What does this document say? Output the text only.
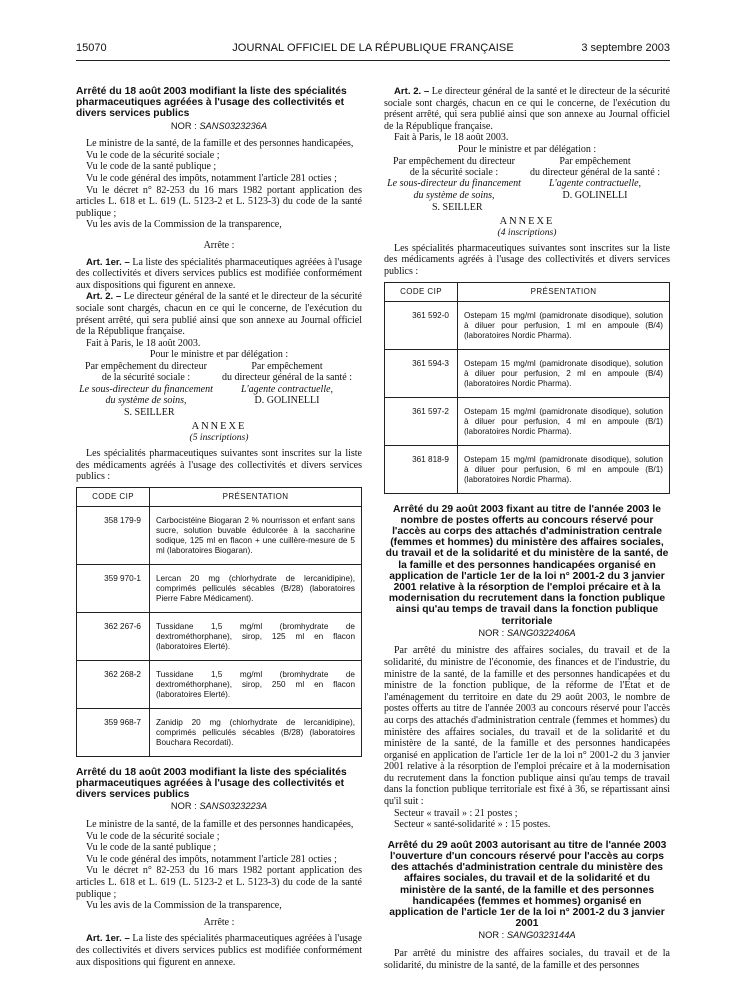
15070	JOURNAL OFFICIEL DE LA RÉPUBLIQUE FRANÇAISE	3 septembre 2003
Arrêté du 18 août 2003 modifiant la liste des spécialités pharmaceutiques agréées à l'usage des collectivités et divers services publics
NOR : SANS0323236A

Le ministre de la santé, de la famille et des personnes handicapées,

Vu le code de la sécurité sociale ;

Vu le code de la santé publique ;

Vu le code général des impôts, notamment l'article 281 octies ;

Vu le décret n° 82-253 du 16 mars 1982 portant application des articles L. 618 et L. 619 (L. 5123-2 et L. 5123-3) du code de la santé publique ;

Vu les avis de la Commission de la transparence,

Arrête :

Art. 1er. – La liste des spécialités pharmaceutiques agréées à l'usage des collectivités et divers services publics est modifiée conformément aux dispositions qui figurent en annexe.

Art. 2. – Le directeur général de la santé et le directeur de la sécurité sociale sont chargés, chacun en ce qui le concerne, de l'exécution du présent arrêté, qui sera publié ainsi que son annexe au Journal officiel de la République française.

Fait à Paris, le 18 août 2003.

Pour le ministre et par délégation :

Par empêchement du directeur
de la sécurité sociale :
Le sous-directeur du financement
du système de soins,
Par empêchement
du directeur général de la santé :
L'agente contractuelle,
D. GOLINELLI
S. SEILLER
ANNEXE
(5 inscriptions)

Les spécialités pharmaceutiques suivantes sont inscrites sur la liste des médicaments agréés à l'usage des collectivités et divers services publics :

CODE CIP	PRÉSENTATION
358 179-9	Carbocistéine Biogaran 2 % nourrisson et enfant sans sucre, solution buvable édulcorée à la saccharine sodique, 125 ml en flacon + une cuillère-mesure de 5 ml (laboratoires Biogaran).
359 970-1	Lercan 20 mg (chlorhydrate de lercanidipine), comprimés pelliculés sécables (B/28) (laboratoires Pierre Fabre Médicament).
362 267-6	Tussidane 1,5 mg/ml (bromhydrate de dextrométhorphane), sirop, 125 ml en flacon (laboratoires Elerté).
362 268-2	Tussidane 1,5 mg/ml (bromhydrate de dextrométhorphane), sirop, 250 ml en flacon (laboratoires Elerté).
359 968-7	Zanidip 20 mg (chlorhydrate de lercanidipine), comprimés pelliculés sécables (B/28) (laboratoires Bouchara Recordati).
Arrêté du 18 août 2003 modifiant la liste des spécialités pharmaceutiques agréées à l'usage des collectivités et divers services publics
NOR : SANS0323223A

Le ministre de la santé, de la famille et des personnes handicapées,

Vu le code de la sécurité sociale ;

Vu le code de la santé publique ;

Vu le code général des impôts, notamment l'article 281 octies ;

Vu le décret n° 82-253 du 16 mars 1982 portant application des articles L. 618 et L. 619 (L. 5123-2 et L. 5123-3) du code de la santé publique ;

Vu les avis de la Commission de la transparence,

Arrête :

Art. 1er. – La liste des spécialités pharmaceutiques agréées à l'usage des collectivités et divers services publics est modifiée conformément aux dispositions qui figurent en annexe.

Art. 2. – Le directeur général de la santé et le directeur de la sécurité sociale sont chargés, chacun en ce qui le concerne, de l'exécution du présent arrêté, qui sera publié ainsi que son annexe au Journal officiel de la République française.

Fait à Paris, le 18 août 2003.

Pour le ministre et par délégation :

Par empêchement du directeur
de la sécurité sociale :
Le sous-directeur du financement
du système de soins,
Par empêchement
du directeur général de la santé :
L'agente contractuelle,
D. GOLINELLI
S. SEILLER
ANNEXE
(4 inscriptions)

Les spécialités pharmaceutiques suivantes sont inscrites sur la liste des médicaments agréés à l'usage des collectivités et divers services publics :

CODE CIP	PRÉSENTATION
361 592-0	Ostepam 15 mg/ml (pamidronate disodique), solution à diluer pour perfusion, 1 ml en ampoule (B/4) (laboratoires Nordic Pharma).
361 594-3	Ostepam 15 mg/ml (pamidronate disodique), solution à diluer pour perfusion, 2 ml en ampoule (B/4) (laboratoires Nordic Pharma).
361 597-2	Ostepam 15 mg/ml (pamidronate disodique), solution à diluer pour perfusion, 4 ml en ampoule (B/1) (laboratoires Nordic Pharma).
361 818-9	Ostepam 15 mg/ml (pamidronate disodique), solution à diluer pour perfusion, 6 ml en ampoule (B/1) (laboratoires Nordic Pharma).
Arrêté du 29 août 2003 fixant au titre de l'année 2003 le nombre de postes offerts au concours réservé pour l'accès au corps des attachés d'administration centrale (femmes et hommes) du ministère des affaires sociales, du travail et de la solidarité et du ministère de la santé, de la famille et des personnes handicapées organisé en application de l'article 1er de la loi n° 2001-2 du 3 janvier 2001 relative à la résorption de l'emploi précaire et à la modernisation du recrutement dans la fonction publique ainsi qu'au temps de travail dans la fonction publique territoriale
NOR : SANG0322406A

Par arrêté du ministre des affaires sociales, du travail et de la solidarité, du ministre de l'économie, des finances et de l'industrie, du ministre de la santé, de la famille et des personnes handicapées et du ministre de la fonction publique, de la réforme de l'Etat et de l'aménagement du territoire en date du 29 août 2003, le nombre de postes offerts au titre de l'année 2003 au concours réservé pour l'accès au corps des attachés d'administration centrale (femmes et hommes) du ministère des affaires sociales, du travail et de la solidarité et du ministère de la santé, de la famille et des personnes handicapées organisé en application de l'article 1er de la loi n° 2001-2 du 3 janvier 2001 relative à la résorption de l'emploi précaire et à la modernisation du recrutement dans la fonction publique ainsi qu'au temps de travail dans la fonction publique territoriale est fixé à 36, se répartissant ainsi qu'il suit :

Secteur « travail » : 21 postes ;

Secteur « santé-solidarité » : 15 postes.

Arrêté du 29 août 2003 autorisant au titre de l'année 2003 l'ouverture d'un concours réservé pour l'accès au corps des attachés d'administration centrale du ministère des affaires sociales, du travail et de la solidarité et du ministère de la santé, de la famille et des personnes handicapées (femmes et hommes) organisé en application de l'article 1er de la loi n° 2001-2 du 3 janvier 2001
NOR : SANG0323144A

Par arrêté du ministre des affaires sociales, du travail et de la solidarité, du ministre de la santé, de la famille et des personnes
